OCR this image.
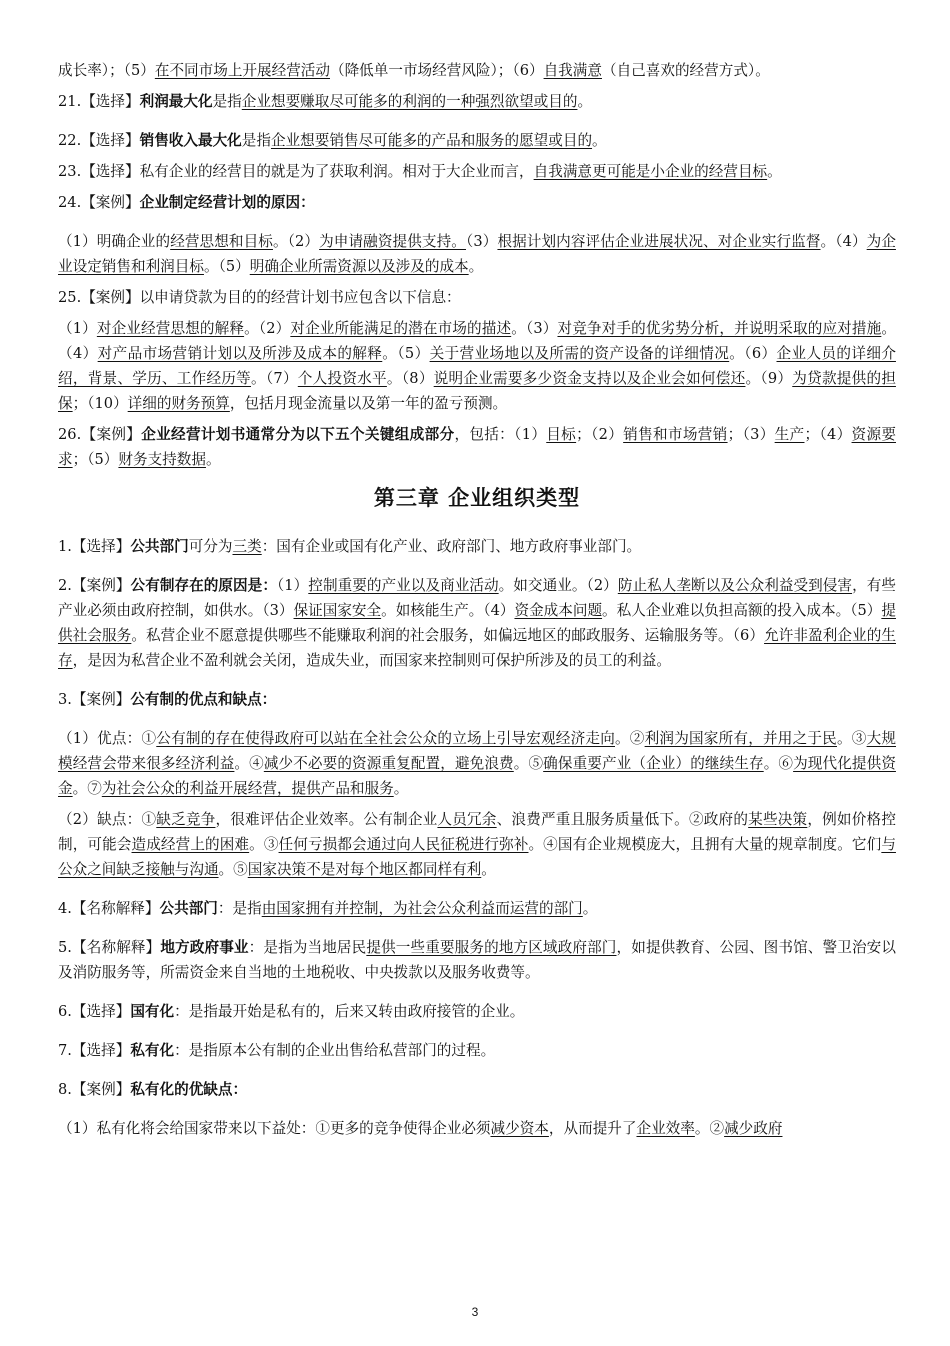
成长率）；（5）在不同市场上开展经营活动（降低单一市场经营风险）；（6）自我满意（自己喜欢的经营方式）。

21.【选择】利润最大化是指企业想要赚取尽可能多的利润的一种强烈欲望或目的。

22.【选择】销售收入最大化是指企业想要销售尽可能多的产品和服务的愿望或目的。

23.【选择】私有企业的经营目的就是为了获取利润。相对于大企业而言，自我满意更可能是小企业的经营目标。

24.【案例】企业制定经营计划的原因：

（1）明确企业的经营思想和目标。（2）为申请融资提供支持。（3）根据计划内容评估企业进展状况、对企业实行监督。（4）为企业设定销售和利润目标。（5）明确企业所需资源以及涉及的成本。

25.【案例】以申请贷款为目的的经营计划书应包含以下信息：

（1）对企业经营思想的解释。（2）对企业所能满足的潜在市场的描述。（3）对竞争对手的优劣势分析，并说明采取的应对措施。（4）对产品市场营销计划以及所涉及成本的解释。（5）关于营业场地以及所需的资产设备的详细情况。（6）企业人员的详细介绍，背景、学历、工作经历等。（7）个人投资水平。（8）说明企业需要多少资金支持以及企业会如何偿还。（9）为贷款提供的担保；（10）详细的财务预算，包括月现金流量以及第一年的盈亏预测。

26.【案例】企业经营计划书通常分为以下五个关键组成部分，包括：（1）目标；（2）销售和市场营销；（3）生产；（4）资源要求；（5）财务支持数据。

第三章 企业组织类型

1.【选择】公共部门可分为三类：国有企业或国有化产业、政府部门、地方政府事业部门。

2.【案例】公有制存在的原因是：（1）控制重要的产业以及商业活动。如交通业。（2）防止私人垄断以及公众利益受到侵害，有些产业必须由政府控制，如供水。（3）保证国家安全。如核能生产。（4）资金成本问题。私人企业难以负担高额的投入成本。（5）提供社会服务。私营企业不愿意提供哪些不能赚取利润的社会服务，如偏远地区的邮政服务、运输服务等。（6）允许非盈利企业的生存，是因为私营企业不盈利就会关闭，造成失业，而国家来控制则可保护所涉及的员工的利益。

3.【案例】公有制的优点和缺点：

（1）优点：①公有制的存在使得政府可以站在全社会公众的立场上引导宏观经济走向。②利润为国家所有，并用之于民。③大规模经营会带来很多经济利益。④减少不必要的资源重复配置，避免浪费。⑤确保重要产业（企业）的继续生存。⑥为现代化提供资金。⑦为社会公众的利益开展经营，提供产品和服务。

（2）缺点：①缺乏竞争，很难评估企业效率。公有制企业人员冗余、浪费严重且服务质量低下。②政府的某些决策，例如价格控制，可能会造成经营上的困难。③任何亏损都会通过向人民征税进行弥补。④国有企业规模庞大，且拥有大量的规章制度。它们与公众之间缺乏接触与沟通。⑤国家决策不是对每个地区都同样有利。

4.【名称解释】公共部门：是指由国家拥有并控制，为社会公众利益而运营的部门。

5.【名称解释】地方政府事业：是指为当地居民提供一些重要服务的地方区域政府部门，如提供教育、公园、图书馆、警卫治安以及消防服务等，所需资金来自当地的土地税收、中央拨款以及服务收费等。

6.【选择】国有化：是指最开始是私有的，后来又转由政府接管的企业。

7.【选择】私有化：是指原本公有制的企业出售给私营部门的过程。

8.【案例】私有化的优缺点：

（1）私有化将会给国家带来以下益处：①更多的竞争使得企业必须减少资本，从而提升了企业效率。②减少政府

3
